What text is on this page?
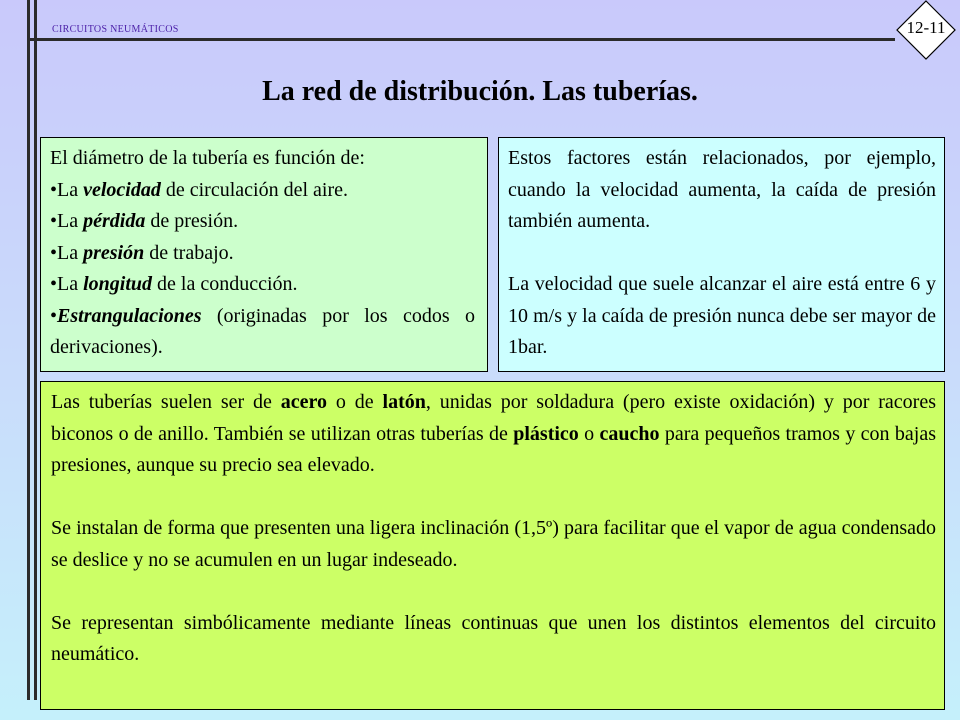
CIRCUITOS NEUMÁTICOS	12-11
La red de distribución. Las tuberías.

El diámetro de la tubería es función de:

•La velocidad de circulación del aire.

•La pérdida de presión.

•La presión de trabajo.

•La longitud de la conducción.

•Estrangulaciones (originadas por los codos o derivaciones).

Estos factores están relacionados, por ejemplo, cuando la velocidad aumenta, la caída de presión también aumenta.

La velocidad que suele alcanzar el aire está entre 6 y 10 m/s y la caída de presión nunca debe ser mayor de 1bar.

Las tuberías suelen ser de acero o de latón, unidas por soldadura (pero existe oxidación) y por racores biconos o de anillo. También se utilizan otras tuberías de plástico o caucho para pequeños tramos y con bajas presiones, aunque su precio sea elevado.

Se instalan de forma que presenten una ligera inclinación (1,5º) para facilitar que el vapor de agua condensado se deslice y no se acumulen en un lugar indeseado.

Se representan simbólicamente mediante líneas continuas que unen los distintos elementos del circuito neumático.
